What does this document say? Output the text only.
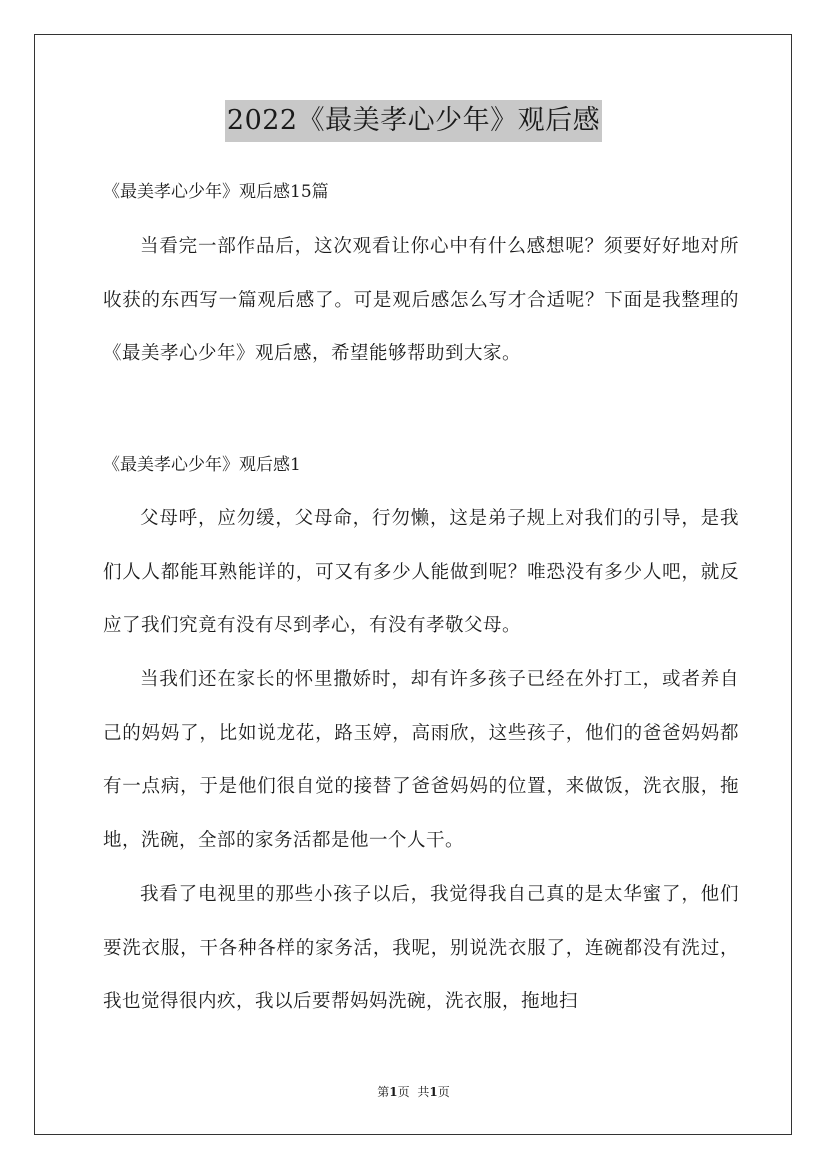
2022《最美孝心少年》观后感
《最美孝心少年》观后感15篇

当看完一部作品后，这次观看让你心中有什么感想呢？须要好好地对所收获的东西写一篇观后感了。可是观后感怎么写才合适呢？下面是我整理的《最美孝心少年》观后感，希望能够帮助到大家。

《最美孝心少年》观后感1

父母呼，应勿缓，父母命，行勿懒，这是弟子规上对我们的引导，是我们人人都能耳熟能详的，可又有多少人能做到呢？唯恐没有多少人吧，就反应了我们究竟有没有尽到孝心，有没有孝敬父母。

当我们还在家长的怀里撒娇时，却有许多孩子已经在外打工，或者养自己的妈妈了，比如说龙花，路玉婷，高雨欣，这些孩子，他们的爸爸妈妈都有一点病，于是他们很自觉的接替了爸爸妈妈的位置，来做饭，洗衣服，拖地，洗碗，全部的家务活都是他一个人干。

我看了电视里的那些小孩子以后，我觉得我自己真的是太华蜜了，他们要洗衣服，干各种各样的家务活，我呢，别说洗衣服了，连碗都没有洗过，我也觉得很内疚，我以后要帮妈妈洗碗，洗衣服，拖地扫

第1页 共1页
